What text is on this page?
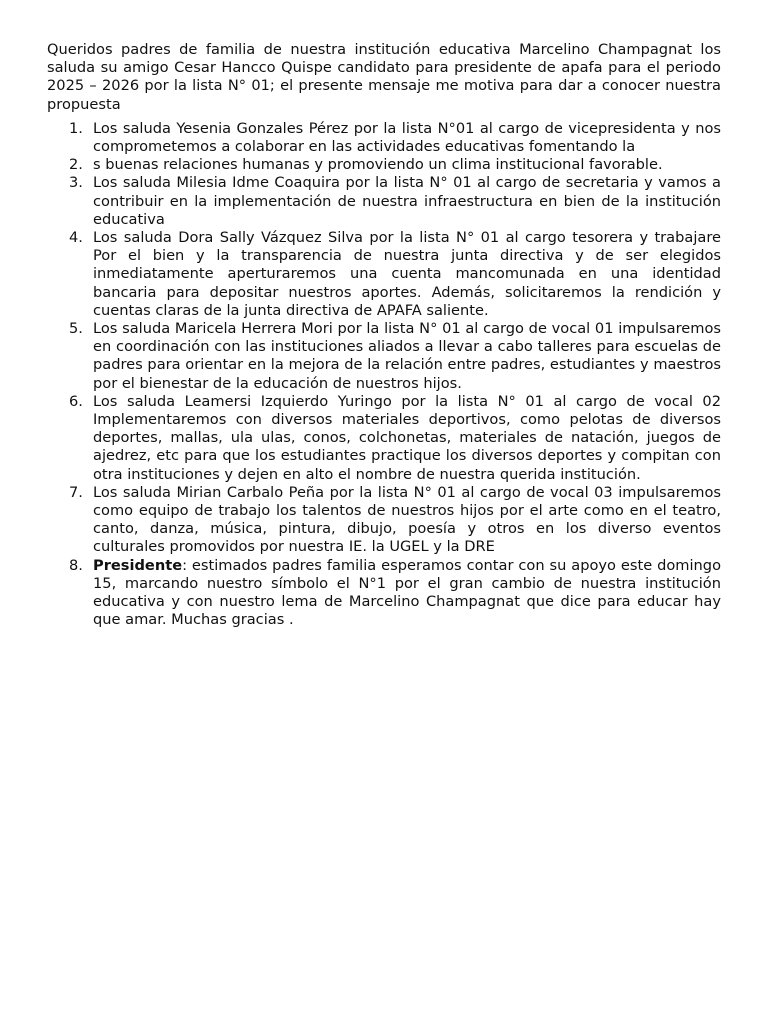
Queridos padres de familia de nuestra institución educativa Marcelino Champagnat los saluda su amigo Cesar Hancco Quispe candidato para presidente de apafa para el periodo 2025 – 2026 por la lista N° 01; el presente mensaje me motiva para dar a conocer nuestra propuesta

1. Los saluda Yesenia Gonzales Pérez por la lista N°01 al cargo de vicepresidenta y nos comprometemos a colaborar en las actividades educativas fomentando la
2. s buenas relaciones humanas y promoviendo un clima institucional favorable.
3. Los saluda Milesia Idme Coaquira por la lista N° 01 al cargo de secretaria y vamos a contribuir en la implementación de nuestra infraestructura en bien de la institución educativa
4. Los saluda Dora Sally Vázquez Silva por la lista N° 01 al cargo tesorera y trabajare Por el bien y la transparencia de nuestra junta directiva y de ser elegidos inmediatamente aperturaremos una cuenta mancomunada en una identidad bancaria para depositar nuestros aportes. Además, solicitaremos la rendición y cuentas claras de la junta directiva de APAFA saliente.
5. Los saluda Maricela Herrera Mori por la lista N° 01 al cargo de vocal 01 impulsaremos en coordinación con las instituciones aliados a llevar a cabo talleres para escuelas de padres para orientar en la mejora de la relación entre padres, estudiantes y maestros por el bienestar de la educación de nuestros hijos.
6. Los saluda Leamersi Izquierdo Yuringo por la lista N° 01 al cargo de vocal 02 Implementaremos con diversos materiales deportivos, como pelotas de diversos deportes, mallas, ula ulas, conos, colchonetas, materiales de natación, juegos de ajedrez, etc para que los estudiantes practique los diversos deportes y compitan con otra instituciones y dejen en alto el nombre de nuestra querida institución.
7. Los saluda Mirian Carbalo Peña por la lista N° 01 al cargo de vocal 03 impulsaremos como equipo de trabajo los talentos de nuestros hijos por el arte como en el teatro, canto, danza, música, pintura, dibujo, poesía y otros en los diverso eventos culturales promovidos por nuestra IE. la UGEL y la DRE
8. Presidente: estimados padres familia esperamos contar con su apoyo este domingo 15, marcando nuestro símbolo el N°1 por el gran cambio de nuestra institución educativa y con nuestro lema de Marcelino Champagnat que dice para educar hay que amar. Muchas gracias .
